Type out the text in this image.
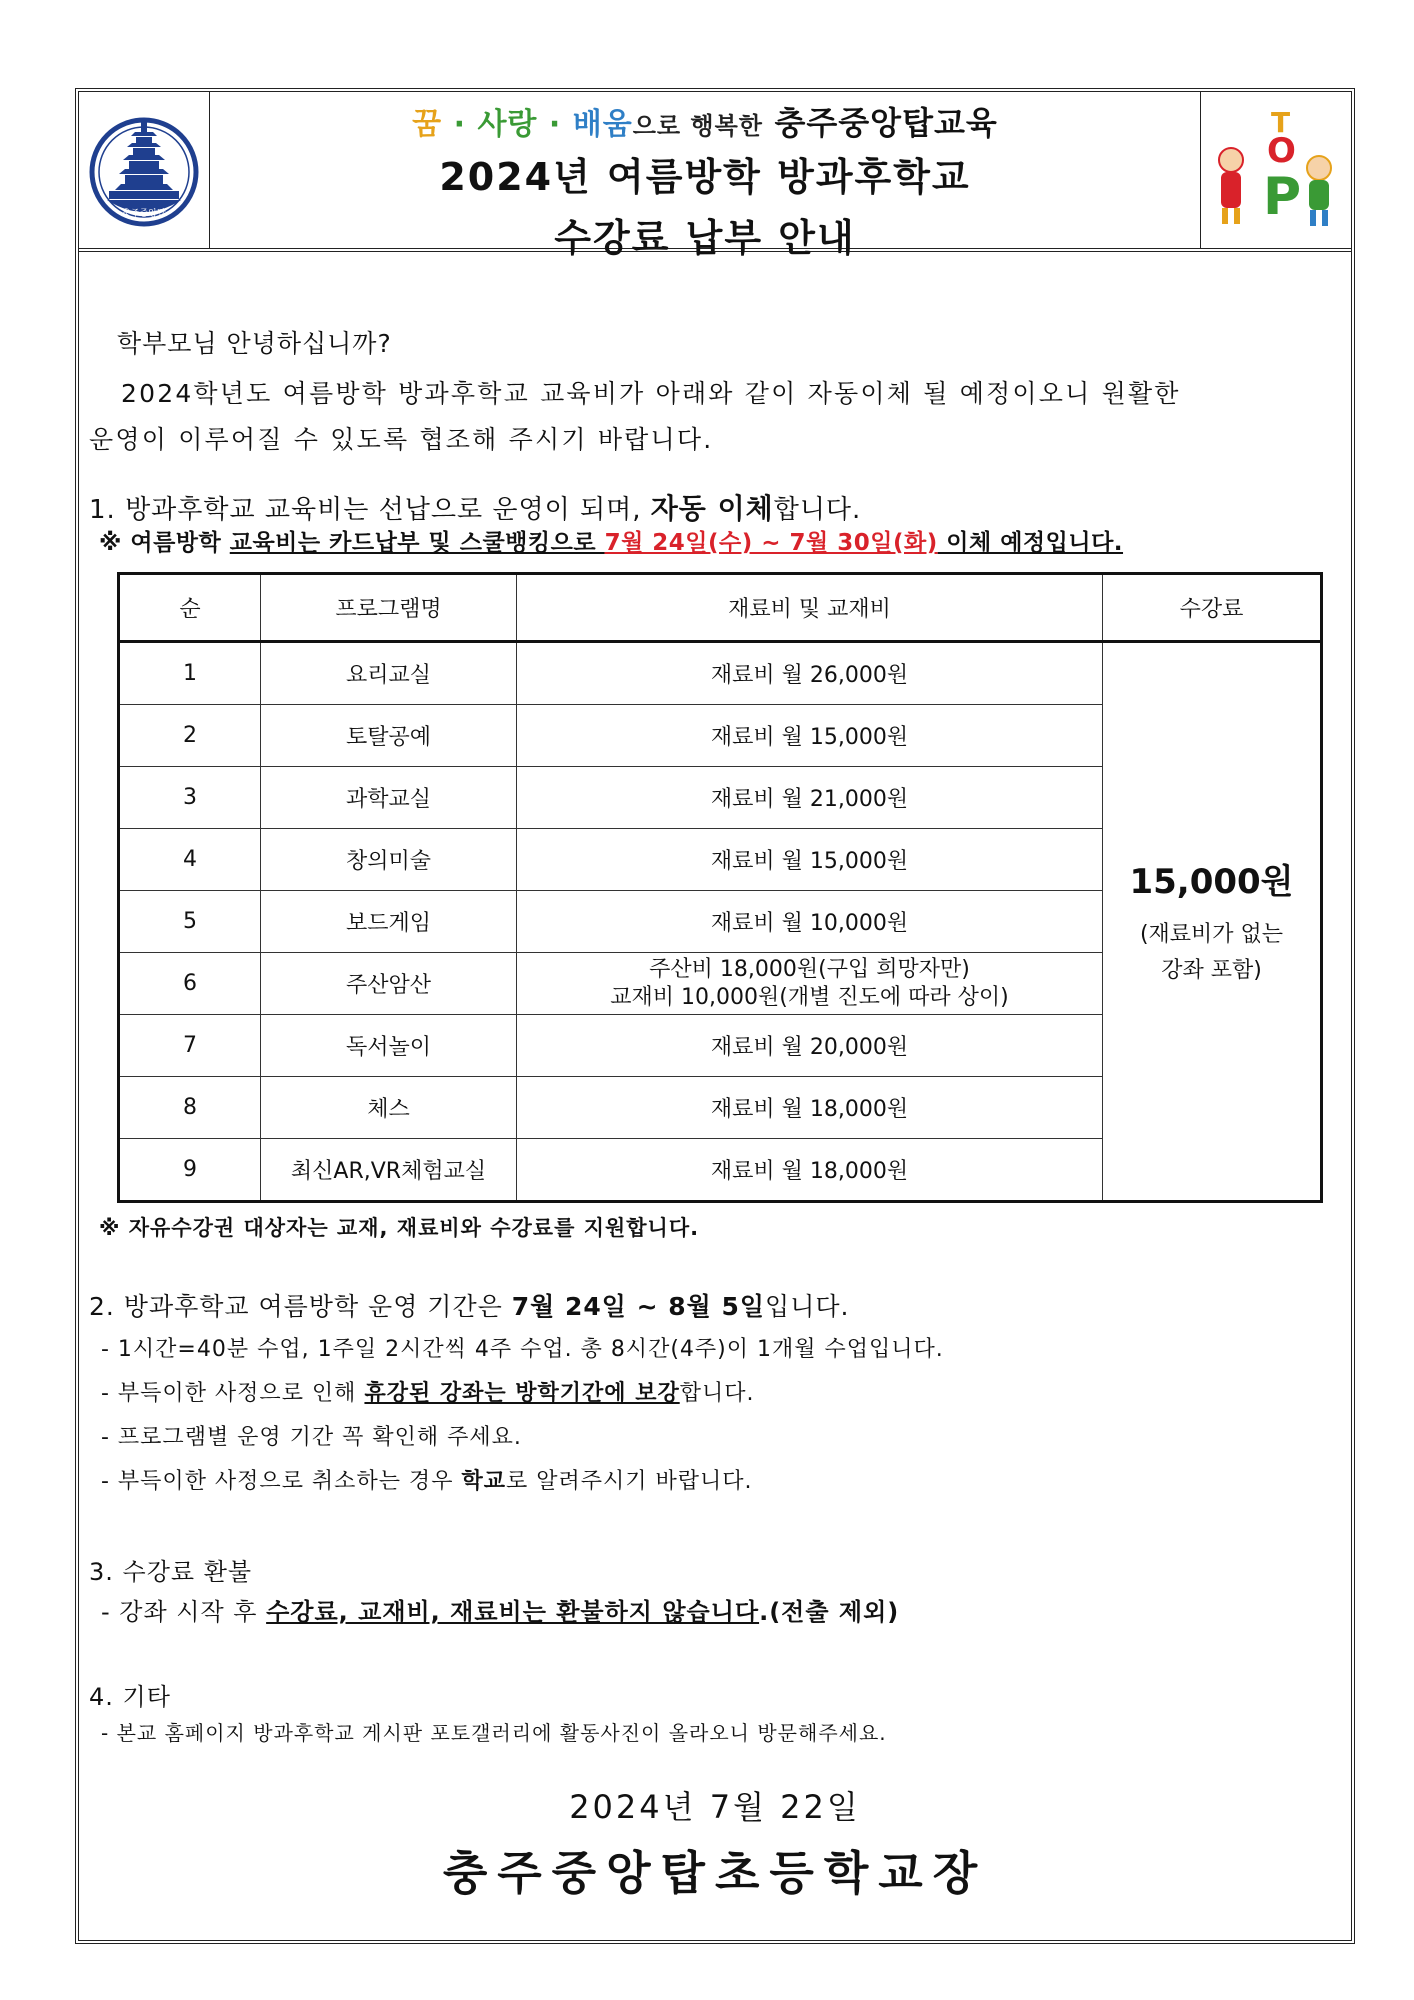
충주중앙탑
꿈 · 사랑 · 배움으로 행복한 충주중앙탑교육
2024년 여름방학 방과후학교
수강료 납부 안내
T
O
P
학부모님 안녕하십니까?
2024학년도 여름방학 방과후학교 교육비가 아래와 같이 자동이체 될 예정이오니 원활한
운영이 이루어질 수 있도록 협조해 주시기 바랍니다.
1. 방과후학교 교육비는 선납으로 운영이 되며, 자동 이체합니다.
※ 여름방학 교육비는 카드납부 및 스쿨뱅킹으로 7월 24일(수) ~ 7월 30일(화) 이체 예정입니다.
순	프로그램명	재료비 및 교재비	수강료
1	요리교실	재료비 월 26,000원	15,000원
(재료비가 없는
강좌 포함)

2	토탈공예	재료비 월 15,000원	
3	과학교실	재료비 월 21,000원	
4	창의미술	재료비 월 15,000원	
5	보드게임	재료비 월 10,000원	
6	주산암산	주산비 18,000원(구입 희망자만)
교재비 10,000원(개별 진도에 따라 상이)	

7	독서놀이	재료비 월 20,000원	
8	체스	재료비 월 18,000원	
9	최신AR,VR체험교실	재료비 월 18,000원	
※ 자유수강권 대상자는 교재, 재료비와 수강료를 지원합니다.
2. 방과후학교 여름방학 운영 기간은 7월 24일 ~ 8월 5일입니다.
- 1시간=40분 수업, 1주일 2시간씩 4주 수업. 총 8시간(4주)이 1개월 수업입니다.
- 부득이한 사정으로 인해 휴강된 강좌는 방학기간에 보강합니다.
- 프로그램별 운영 기간 꼭 확인해 주세요.
- 부득이한 사정으로 취소하는 경우 학교로 알려주시기 바랍니다.
3. 수강료 환불
- 강좌 시작 후 수강료, 교재비, 재료비는 환불하지 않습니다.(전출 제외)
4. 기타
- 본교 홈페이지 방과후학교 게시판 포토갤러리에 활동사진이 올라오니 방문해주세요.
2024년 7월 22일
충주중앙탑초등학교장
